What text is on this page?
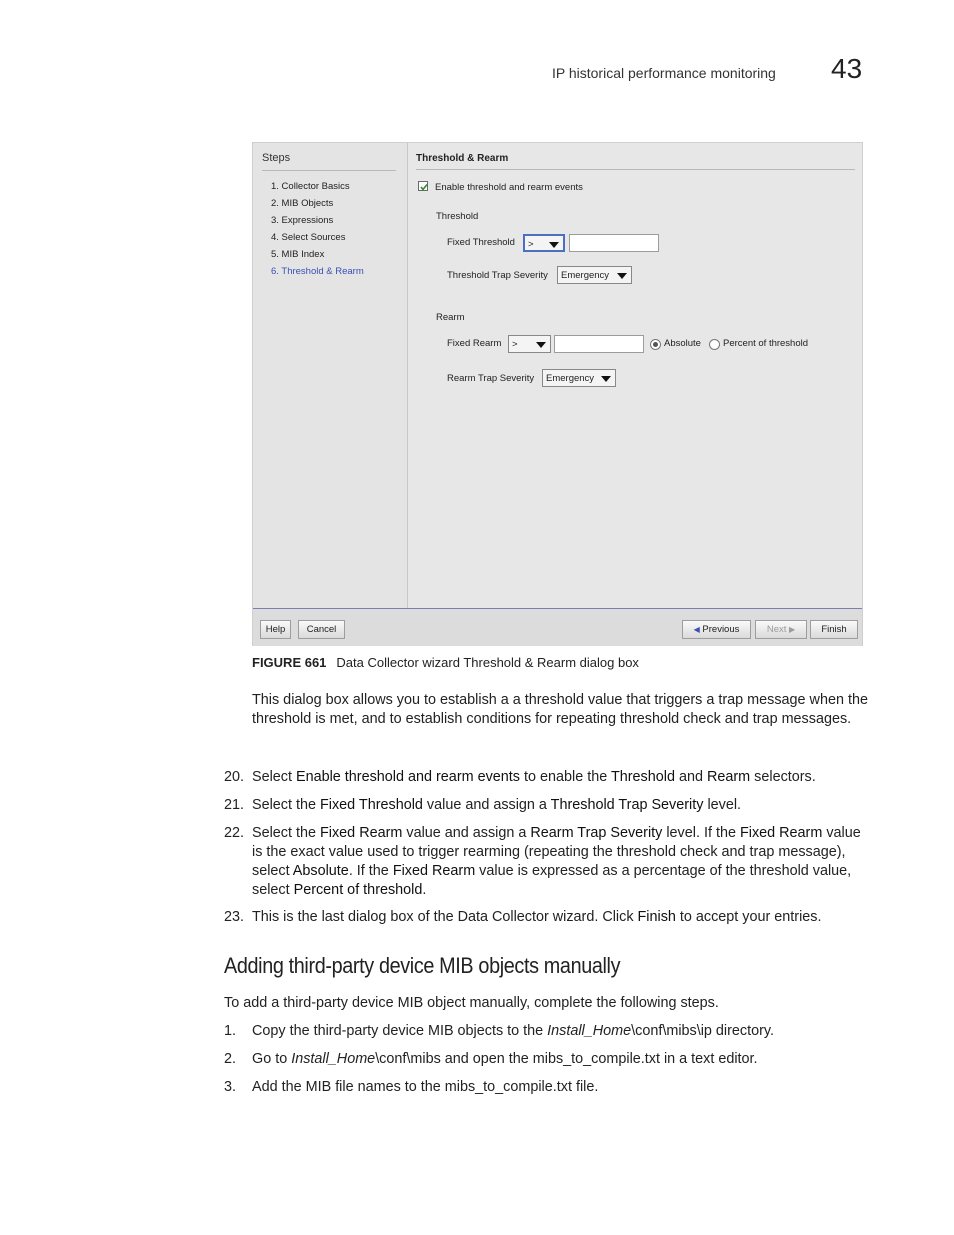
IP historical performance monitoring 43
Steps
1. Collector Basics
2. MIB Objects
3. Expressions
4. Select Sources
5. MIB Index
6. Threshold & Rearm
Threshold & Rearm
Enable threshold and rearm events
Threshold
Fixed Threshold >
Threshold Trap Severity Emergency
Rearm
Fixed Rearm >	Absolute Percent of threshold
Rearm Trap Severity Emergency
Help	Cancel	◀ Previous	Next ▶	Finish
FIGURE 661 Data Collector wizard Threshold & Rearm dialog box

This dialog box allows you to establish a a threshold value that triggers a trap message when the threshold is met, and to establish conditions for repeating threshold check and trap messages.

20. Select Enable threshold and rearm events to enable the Threshold and Rearm selectors.
21. Select the Fixed Threshold value and assign a Threshold Trap Severity level.
22. Select the Fixed Rearm value and assign a Rearm Trap Severity level. If the Fixed Rearm value is the exact value used to trigger rearming (repeating the threshold check and trap message), select Absolute. If the Fixed Rearm value is expressed as a percentage of the threshold value, select Percent of threshold.
23. This is the last dialog box of the Data Collector wizard. Click Finish to accept your entries.
Adding third-party device MIB objects manually
To add a third-party device MIB object manually, complete the following steps.
1.	Copy the third-party device MIB objects to the Install_Home\conf\mibs\ip directory.
2.	Go to Install_Home\conf\mibs and open the mibs_to_compile.txt in a text editor.
3.	Add the MIB file names to the mibs_to_compile.txt file.
